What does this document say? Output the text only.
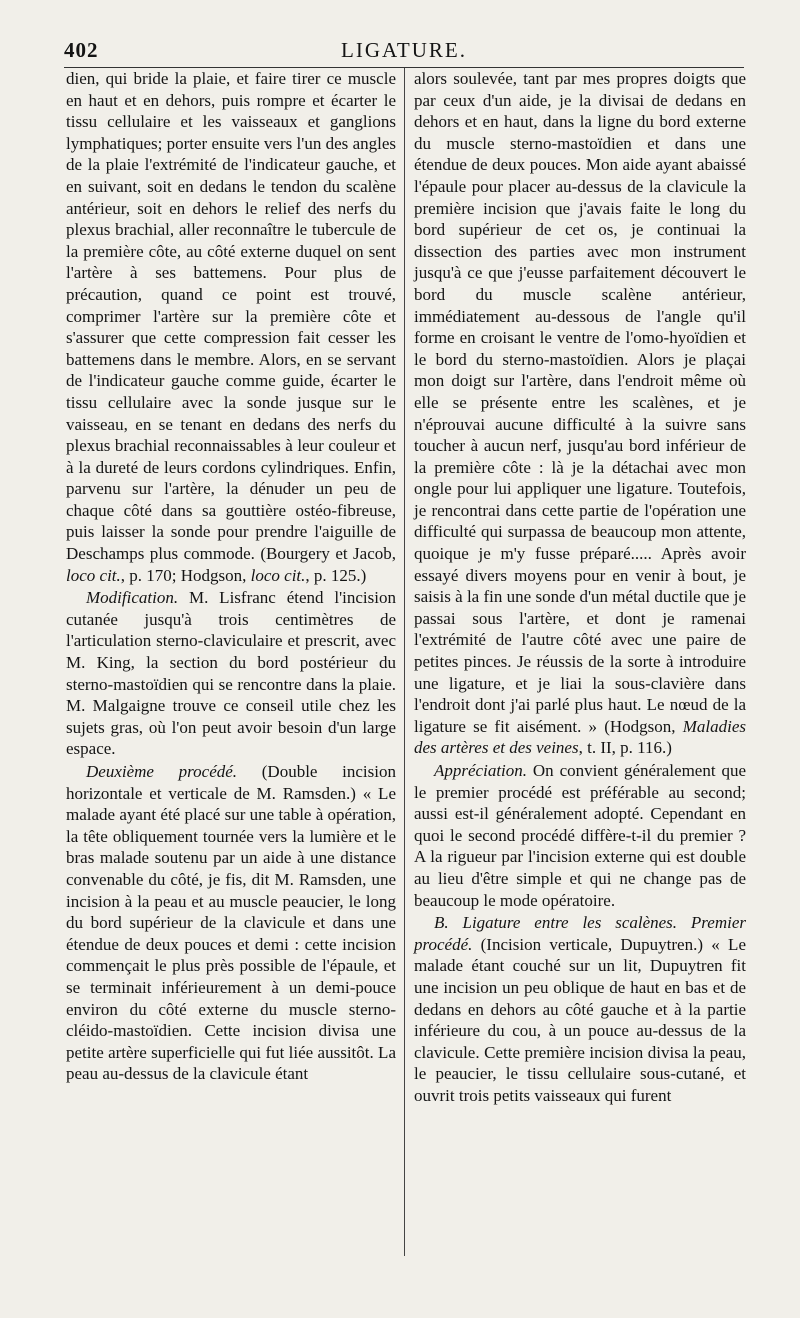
402	LIGATURE.

dien, qui bride la plaie, et faire tirer ce muscle en haut et en dehors, puis rompre et écarter le tissu cellulaire et les vaisseaux et ganglions lymphatiques; porter ensuite vers l'un des angles de la plaie l'extrémité de l'indicateur gauche, et en suivant, soit en dedans le tendon du scalène antérieur, soit en dehors le relief des nerfs du plexus brachial, aller reconnaître le tubercule de la première côte, au côté externe duquel on sent l'artère à ses battemens. Pour plus de précaution, quand ce point est trouvé, comprimer l'artère sur la première côte et s'assurer que cette compression fait cesser les battemens dans le membre. Alors, en se servant de l'indicateur gauche comme guide, écarter le tissu cellulaire avec la sonde jusque sur le vaisseau, en se tenant en dedans des nerfs du plexus brachial reconnaissables à leur couleur et à la dureté de leurs cordons cylindriques. Enfin, parvenu sur l'artère, la dénuder un peu de chaque côté dans sa gouttière ostéo-fibreuse, puis laisser la sonde pour prendre l'aiguille de Deschamps plus commode. (Bourgery et Jacob, loco cit., p. 170; Hodgson, loco cit., p. 125.)

Modification. M. Lisfranc étend l'incision cutanée jusqu'à trois centimètres de l'articulation sterno-claviculaire et prescrit, avec M. King, la section du bord postérieur du sterno-mastoïdien qui se rencontre dans la plaie. M. Malgaigne trouve ce conseil utile chez les sujets gras, où l'on peut avoir besoin d'un large espace.

Deuxième procédé. (Double incision horizontale et verticale de M. Ramsden.) « Le malade ayant été placé sur une table à opération, la tête obliquement tournée vers la lumière et le bras malade soutenu par un aide à une distance convenable du côté, je fis, dit M. Ramsden, une incision à la peau et au muscle peaucier, le long du bord supérieur de la clavicule et dans une étendue de deux pouces et demi : cette incision commençait le plus près possible de l'épaule, et se terminait inférieurement à un demi-pouce environ du côté externe du muscle sterno-cléido-mastoïdien. Cette incision divisa une petite artère superficielle qui fut liée aussitôt. La peau au-dessus de la clavicule étant

alors soulevée, tant par mes propres doigts que par ceux d'un aide, je la divisai de dedans en dehors et en haut, dans la ligne du bord externe du muscle sterno-mastoïdien et dans une étendue de deux pouces. Mon aide ayant abaissé l'épaule pour placer au-dessus de la clavicule la première incision que j'avais faite le long du bord supérieur de cet os, je continuai la dissection des parties avec mon instrument jusqu'à ce que j'eusse parfaitement découvert le bord du muscle scalène antérieur, immédiatement au-dessous de l'angle qu'il forme en croisant le ventre de l'omo-hyoïdien et le bord du sterno-mastoïdien. Alors je plaçai mon doigt sur l'artère, dans l'endroit même où elle se présente entre les scalènes, et je n'éprouvai aucune difficulté à la suivre sans toucher à aucun nerf, jusqu'au bord inférieur de la première côte : là je la détachai avec mon ongle pour lui appliquer une ligature. Toutefois, je rencontrai dans cette partie de l'opération une difficulté qui surpassa de beaucoup mon attente, quoique je m'y fusse préparé..... Après avoir essayé divers moyens pour en venir à bout, je saisis à la fin une sonde d'un métal ductile que je passai sous l'artère, et dont je ramenai l'extrémité de l'autre côté avec une paire de petites pinces. Je réussis de la sorte à introduire une ligature, et je liai la sous-clavière dans l'endroit dont j'ai parlé plus haut. Le nœud de la ligature se fit aisément. » (Hodgson, Maladies des artères et des veines, t. II, p. 116.)

Appréciation. On convient généralement que le premier procédé est préférable au second; aussi est-il généralement adopté. Cependant en quoi le second procédé diffère-t-il du premier ? A la rigueur par l'incision externe qui est double au lieu d'être simple et qui ne change pas de beaucoup le mode opératoire.

B. Ligature entre les scalènes. Premier procédé. (Incision verticale, Dupuytren.) « Le malade étant couché sur un lit, Dupuytren fit une incision un peu oblique de haut en bas et de dedans en dehors au côté gauche et à la partie inférieure du cou, à un pouce au-dessus de la clavicule. Cette première incision divisa la peau, le peaucier, le tissu cellulaire sous-cutané, et ouvrit trois petits vaisseaux qui furent
